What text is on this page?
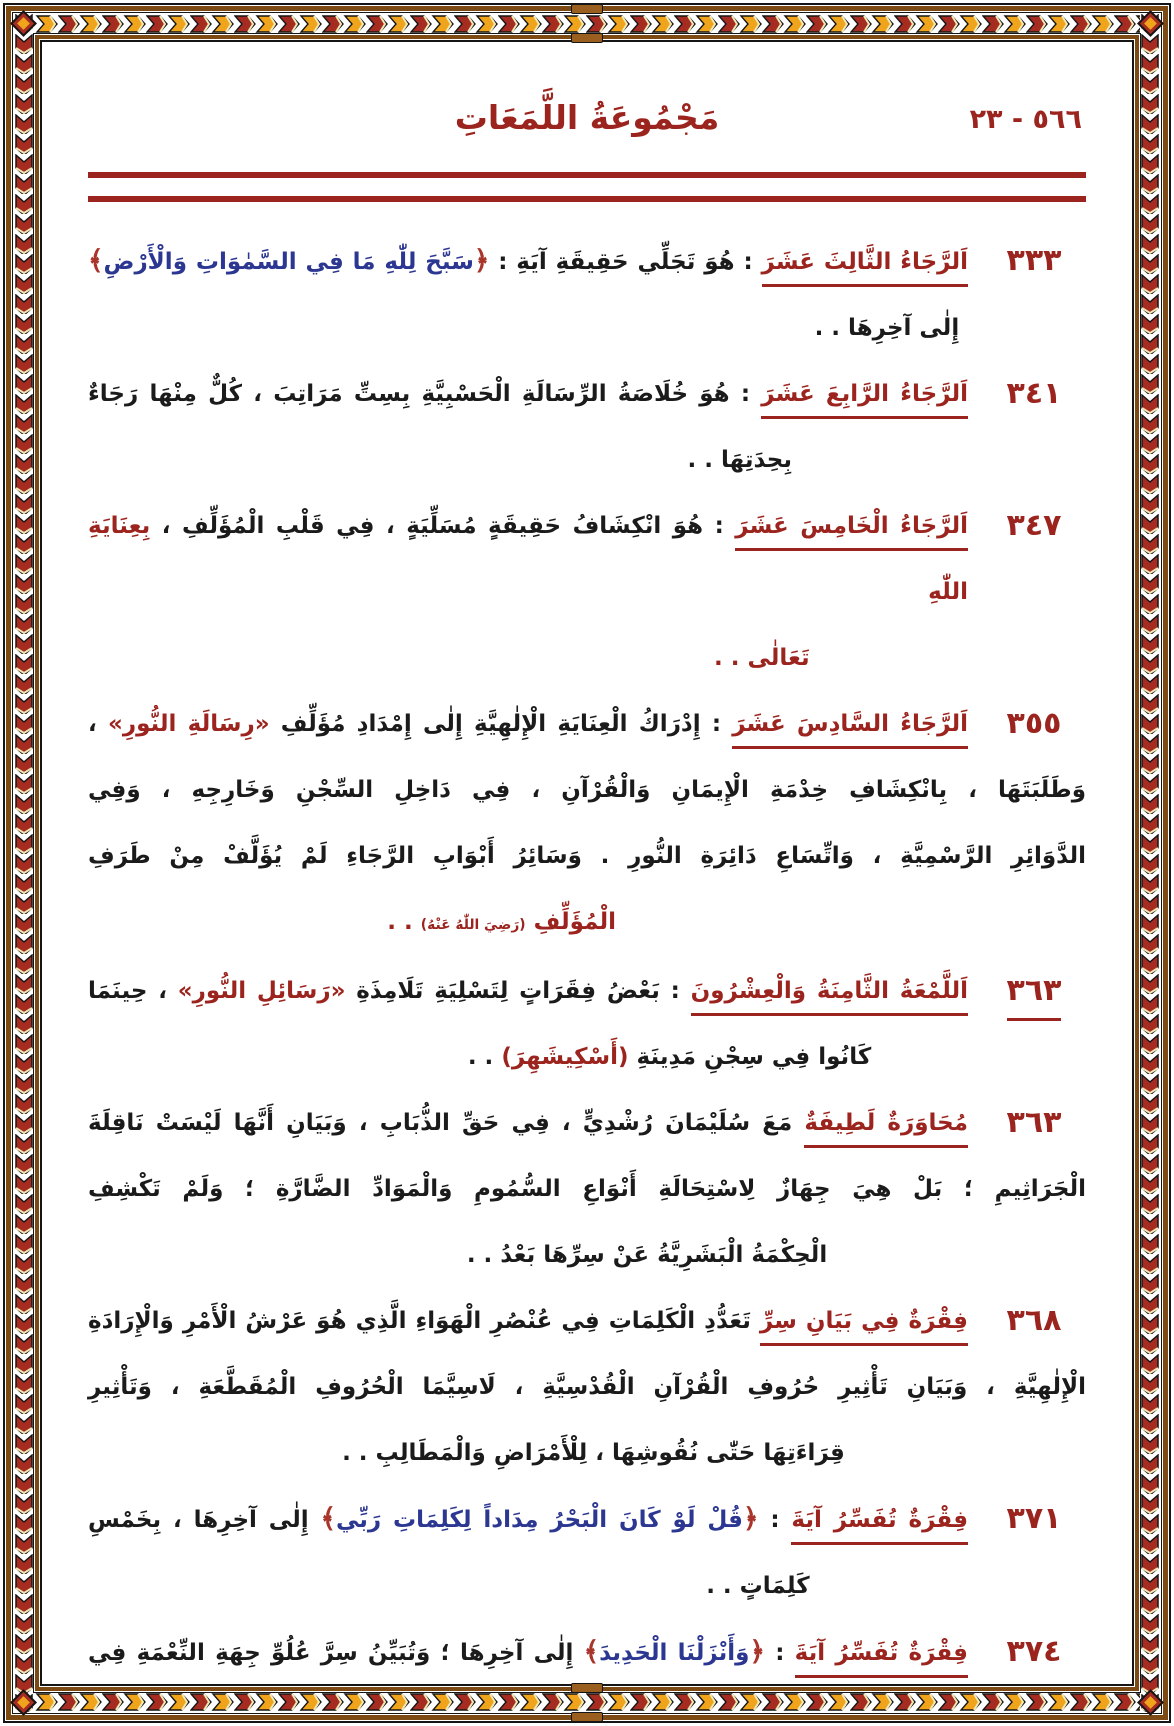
٥٦٦ - ٢٣
مَجْمُوعَةُ اللَّمَعَاتِ
٣٣٣
اَلرَّجَاءُ الثَّالِثَ عَشَرَ : هُوَ تَجَلِّي حَقِيقَةِ آيَةِ : ﴿سَبَّحَ لِلّٰهِ مَا فِي السَّمٰوَاتِ وَالْأَرْضِ﴾
إِلٰى آخِرِهَا . .
٣٤١
اَلرَّجَاءُ الرَّابِعَ عَشَرَ : هُوَ خُلَاصَةُ الرِّسَالَةِ الْحَسْبِيَّةِ بِسِتِّ مَرَاتِبَ ، كُلٌّ مِنْهَا رَجَاءٌ
بِحِدَتِهَا . .
٣٤٧
اَلرَّجَاءُ الْخَامِسَ عَشَرَ : هُوَ انْكِشَافُ حَقِيقَةٍ مُسَلِّيَةٍ ، فِي قَلْبِ الْمُؤَلِّفِ ، بِعِنَايَةِ اللّٰهِ
تَعَالٰى . .
٣٥٥
اَلرَّجَاءُ السَّادِسَ عَشَرَ : إِدْرَاكُ الْعِنَايَةِ الْإِلٰهِيَّةِ إِلٰى إِمْدَادِ مُؤَلِّفِ «رِسَالَةِ النُّورِ» ،
وَطَلَبَتَهَا ، بِانْكِشَافِ خِدْمَةِ الْإِيمَانِ وَالْقُرْآنِ ، فِي دَاخِلِ السِّجْنِ وَخَارِجِهِ ، وَفِي
الدَّوَائِرِ الرَّسْمِيَّةِ ، وَاتِّسَاعِ دَائِرَةِ النُّورِ . وَسَائِرُ أَبْوَابِ الرَّجَاءِ لَمْ يُؤَلَّفْ مِنْ طَرَفِ
الْمُؤَلِّفِ (رَضِيَ اللّٰهُ عَنْهُ) . .
٣٦٣
اَللَّمْعَةُ الثَّامِنَةُ وَالْعِشْرُونَ : بَعْضُ فِقَرَاتٍ لِتَسْلِيَةِ تَلَامِذَةِ «رَسَائِلِ النُّورِ» ، حِينَمَا
كَانُوا فِي سِجْنِ مَدِينَةِ (أَسْكِيشَهِرَ) . .
٣٦٣
مُحَاوَرَةٌ لَطِيفَةٌ مَعَ سُلَيْمَانَ رُشْدِيٍّ ، فِي حَقِّ الذُّبَابِ ، وَبَيَانِ أَنَّهَا لَيْسَتْ نَاقِلَةَ
الْجَرَاثِيمِ ؛ بَلْ هِيَ جِهَازٌ لِاسْتِحَالَةِ أَنْوَاعِ السُّمُومِ وَالْمَوَادِّ الضَّارَّةِ ؛ وَلَمْ تَكْشِفِ
الْحِكْمَةُ الْبَشَرِيَّةُ عَنْ سِرِّهَا بَعْدُ . .
٣٦٨
فِقْرَةٌ فِي بَيَانِ سِرِّ تَعَدُّدِ الْكَلِمَاتِ فِي عُنْصُرِ الْهَوَاءِ الَّذِي هُوَ عَرْشُ الْأَمْرِ وَالْإِرَادَةِ
الْإِلٰهِيَّةِ ، وَبَيَانِ تَأْثِيرِ حُرُوفِ الْقُرْآنِ الْقُدْسِيَّةِ ، لَاسِيَّمَا الْحُرُوفِ الْمُقَطَّعَةِ ، وَتَأْثِيرِ
قِرَاءَتِهَا حَتّٰى نُقُوشِهَا ، لِلْأَمْرَاضِ وَالْمَطَالِبِ . .
٣٧١
فِقْرَةٌ تُفَسِّرُ آيَةَ : ﴿قُلْ لَوْ كَانَ الْبَحْرُ مِدَاداً لِكَلِمَاتِ رَبِّي﴾ إِلٰى آخِرِهَا ، بِخَمْسِ
كَلِمَاتٍ . .
٣٧٤
فِقْرَةٌ تُفَسِّرُ آيَةَ : ﴿وَأَنْزَلْنَا الْحَدِيدَ﴾ إِلٰى آخِرِهَا ؛ وَتُبَيِّنُ سِرَّ عُلُوِّ جِهَةِ النِّعْمَةِ فِي
